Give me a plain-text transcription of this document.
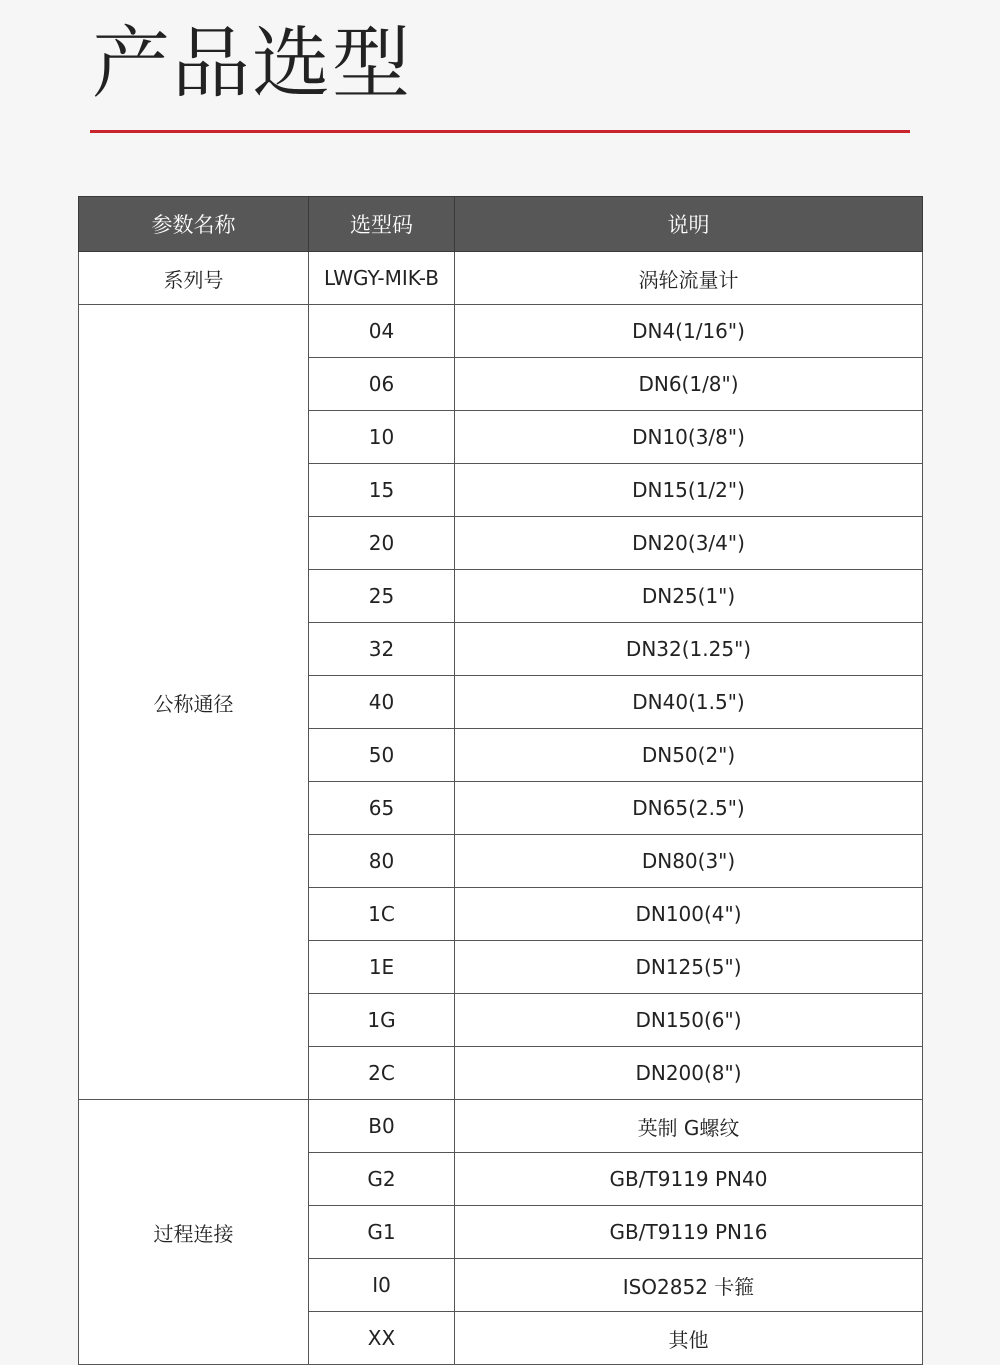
产品选型
参数名称	选型码	说明
系列号	LWGY-MIK-B	涡轮流量计
公称通径	04	DN4(1/16")
	06	DN6(1/8")
	10	DN10(3/8")
	15	DN15(1/2")
	20	DN20(3/4")
	25	DN25(1")
	32	DN32(1.25")
	40	DN40(1.5")
	50	DN50(2")
	65	DN65(2.5")
	80	DN80(3")
	1C	DN100(4")
	1E	DN125(5")
	1G	DN150(6")
	2C	DN200(8")
过程连接	B0	英制 G螺纹
	G2	GB/T9119 PN40
	G1	GB/T9119 PN16
	I0	ISO2852 卡箍
	XX	其他
